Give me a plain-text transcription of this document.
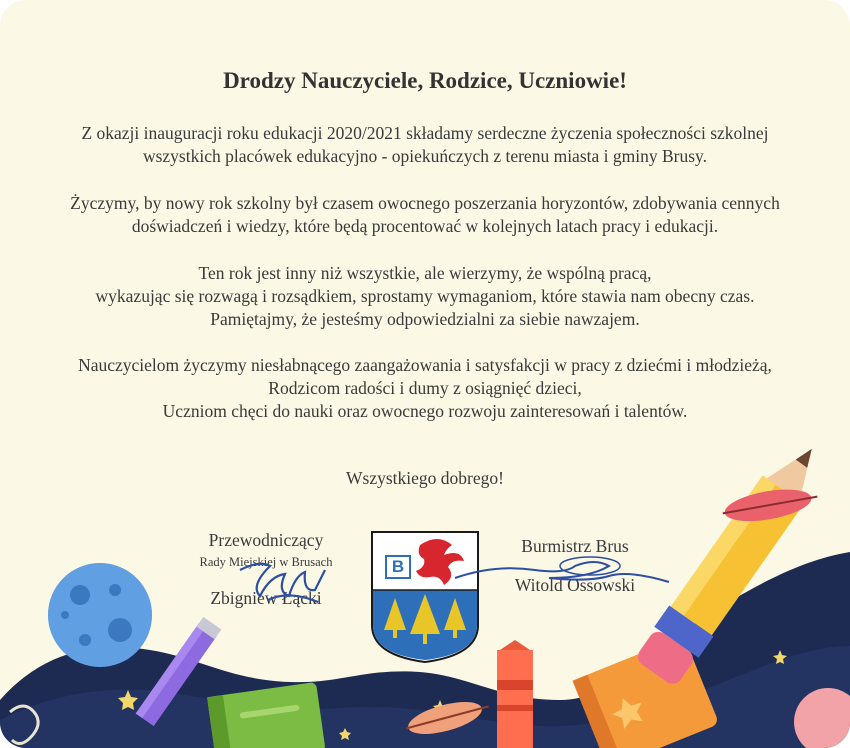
Drodzy Nauczyciele, Rodzice, Uczniowie!
Z okazji inauguracji roku edukacji 2020/2021 składamy serdeczne życzenia społeczności szkolnej
wszystkich placówek edukacyjno - opiekuńczych z terenu miasta i gminy Brusy.
Życzymy, by nowy rok szkolny był czasem owocnego poszerzania horyzontów, zdobywania cennych
doświadczeń i wiedzy, które będą procentować w kolejnych latach pracy i edukacji.
Ten rok jest inny niż wszystkie, ale wierzymy, że wspólną pracą,
wykazując się rozwagą i rozsądkiem, sprostamy wymaganiom, które stawia nam obecny czas.
Pamiętajmy, że jesteśmy odpowiedzialni za siebie nawzajem.
Nauczycielom życzymy niesłabnącego zaangażowania i satysfakcji w pracy z dziećmi i młodzieżą,
Rodzicom radości i dumy z osiągnięć dzieci,
Uczniom chęci do nauki oraz owocnego rozwoju zainteresowań i talentów.
Wszystkiego dobrego!
Przewodniczący
Rady Miejskiej w Brusach
Zbigniew Łącki
B
Burmistrz Brus
Witold Ossowski
